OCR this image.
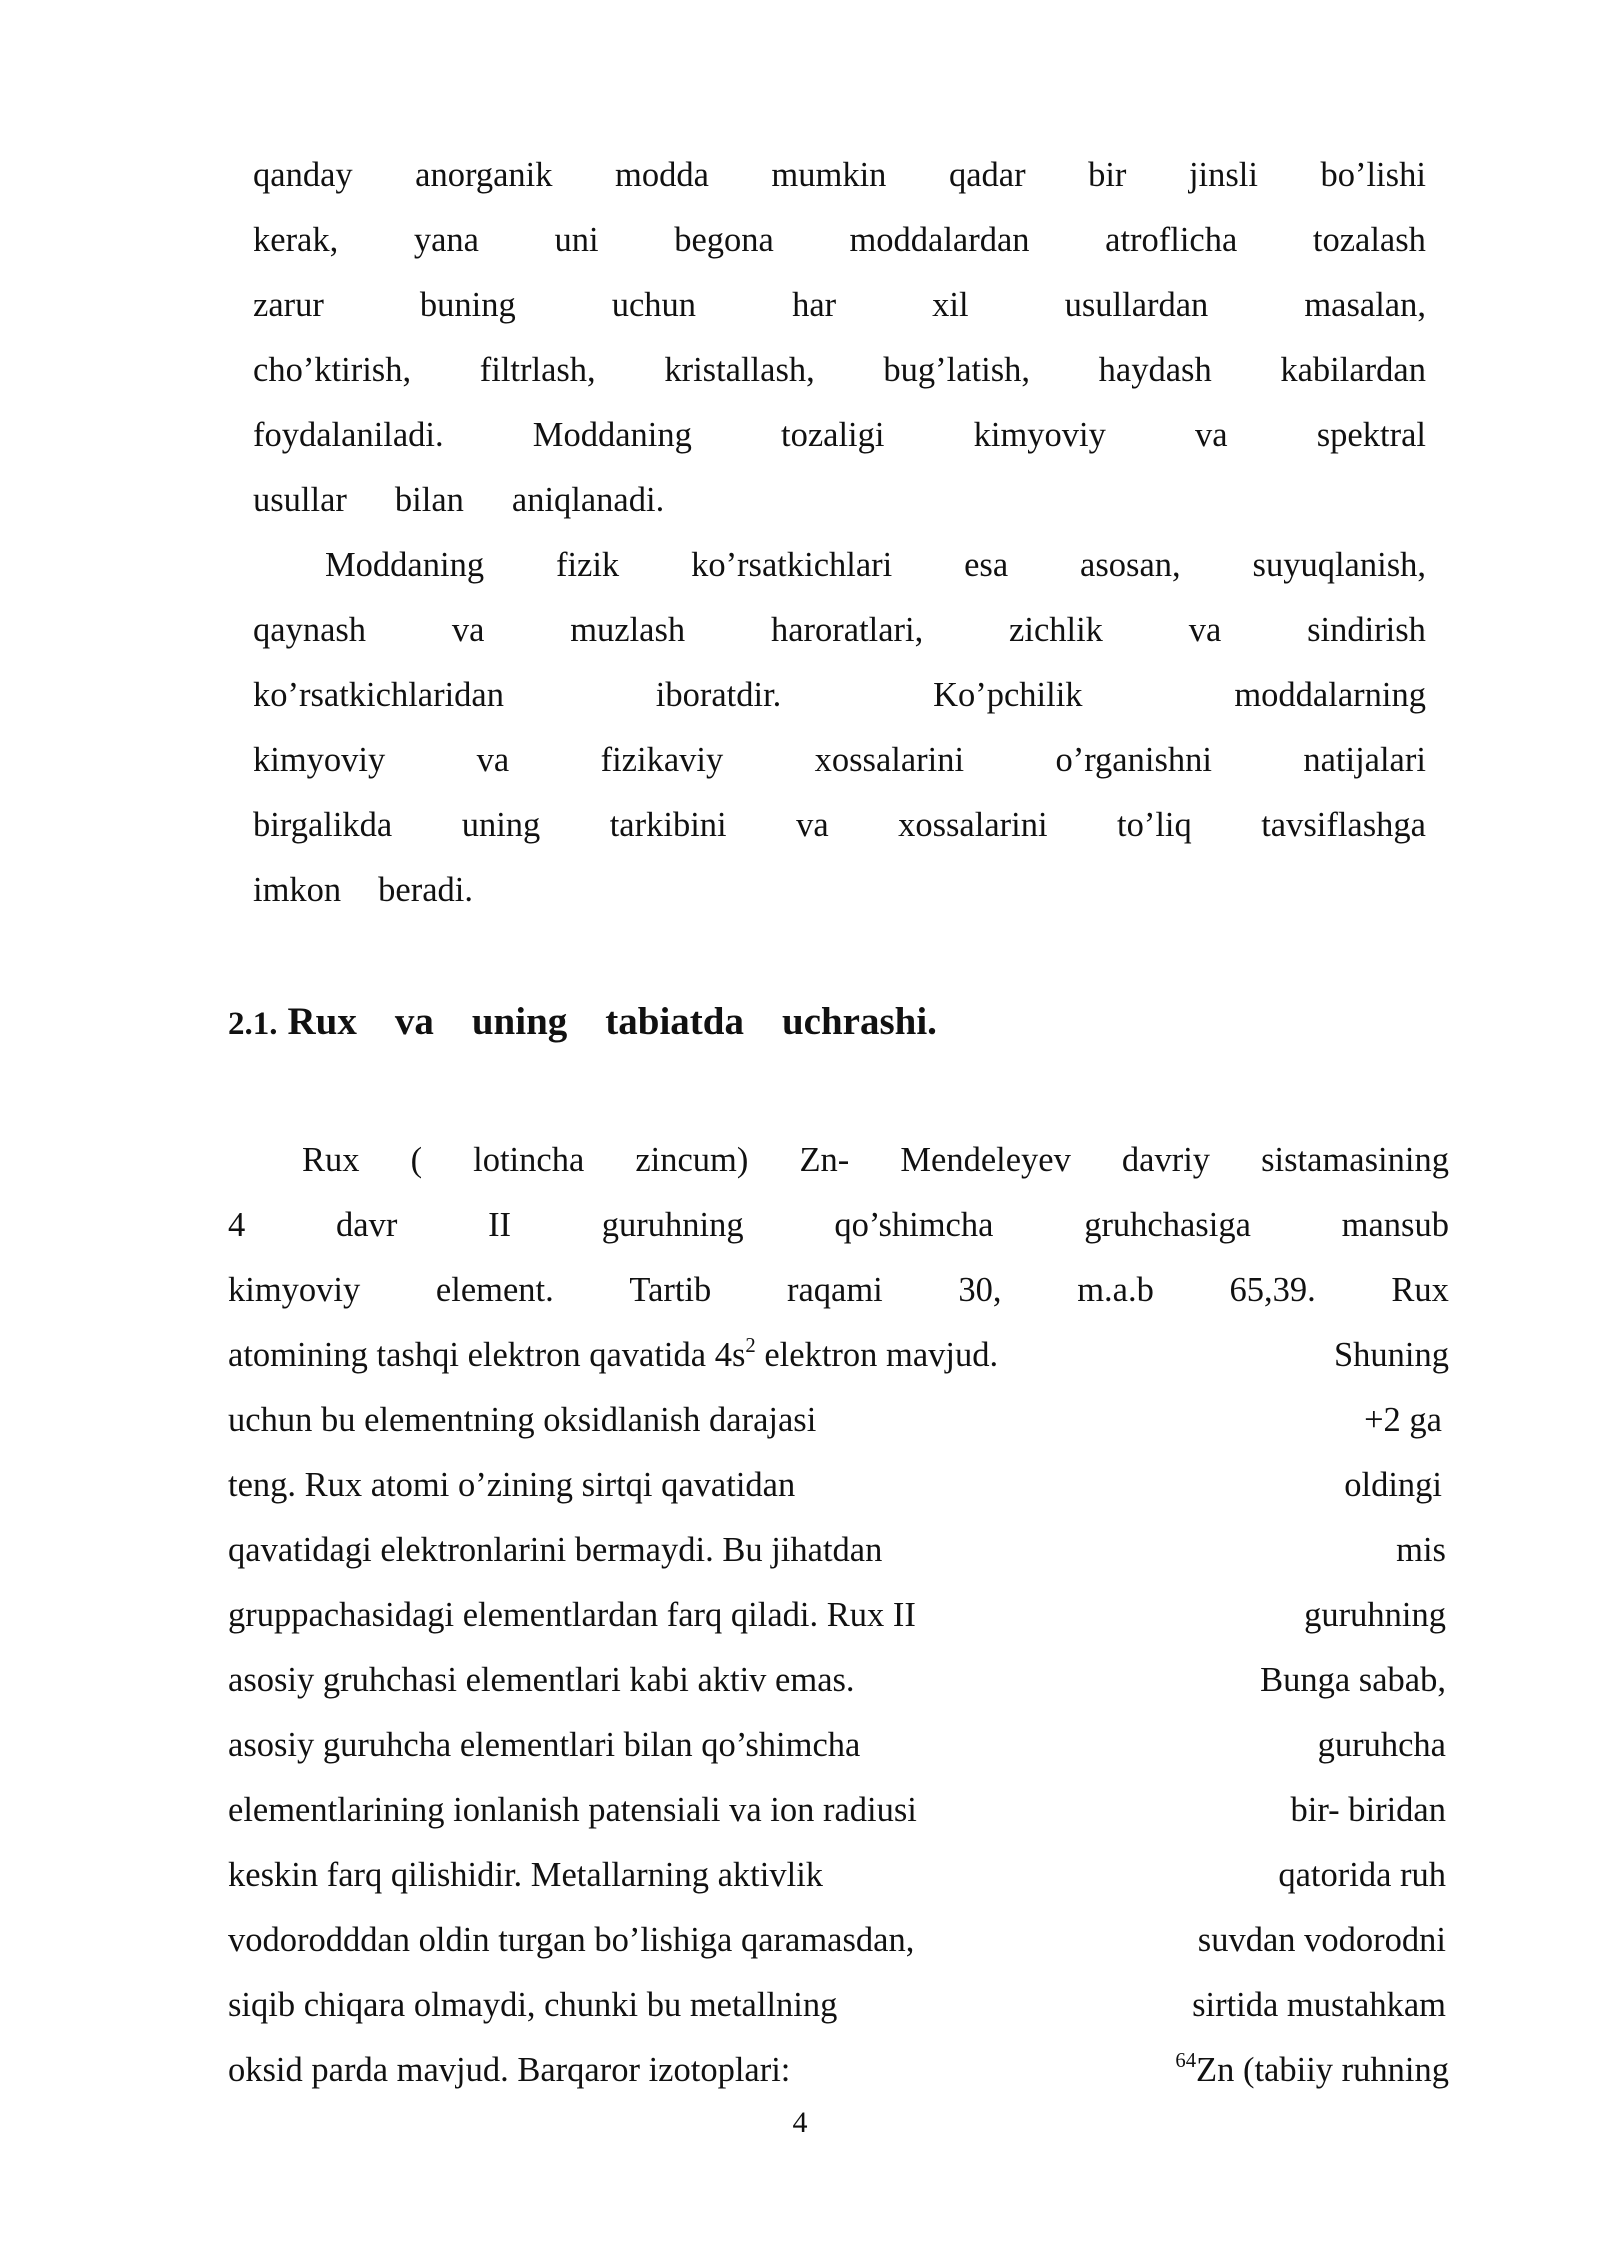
qanday anorganik modda mumkin qadar bir jinsli bo’lishi
kerak, yana uni begona moddalardan atroflicha tozalash
zarur	buning	uchun	har	xil	usullardan	masalan,
cho’ktirish, filtrlash, kristallash, bug’latish, haydash kabilardan
foydalaniladi.	Moddaning	tozaligi	kimyoviy	va	spektral
usullar bilan aniqlanadi.
Moddaning fizik ko’rsatkichlari esa asosan, suyuqlanish,
qaynash va muzlash haroratlari, zichlik va sindirish
ko’rsatkichlaridan	iboratdir.	Ko’pchilik	moddalarning
kimyoviy	va	fizikaviy	xossalarini	o’rganishni	natijalari
birgalikda uning tarkibini va xossalarini to’liq tavsiflashga
imkon beradi.
2.1. Rux va uning tabiatda uchrashi.
Rux ( lotincha zincum) Zn- Mendeleyev davriy sistamasining
4	davr	II	guruhning	qo’shimcha	gruhchasiga	mansub
kimyoviy element. Tartib raqami 30, m.a.b 65,39. Rux
atomining tashqi elektron qavatida $4s^2$ elektron mavjud.	Shuning
uchun bu elementning oksidlanish darajasi	+2 ga
teng. Rux atomi o’zining sirtqi qavatidan	oldingi
qavatidagi elektronlarini bermaydi. Bu jihatdan	mis
gruppachasidagi elementlardan farq qiladi. Rux II	guruhning
asosiy gruhchasi elementlari kabi aktiv emas.	Bunga sabab,
asosiy guruhcha elementlari bilan qo’shimcha	guruhcha
elementlarining ionlanish patensiali va ion radiusi	bir- biridan
keskin farq qilishidir. Metallarning aktivlik	qatorida ruh
vodorodddan oldin turgan bo’lishiga qaramasdan,	suvdan vodorodni
siqib chiqara olmaydi, chunki bu metallning	sirtida mustahkam
oksid parda mavjud. Barqaror izotoplari:	$^{64}$Zn (tabiiy ruhning
4
